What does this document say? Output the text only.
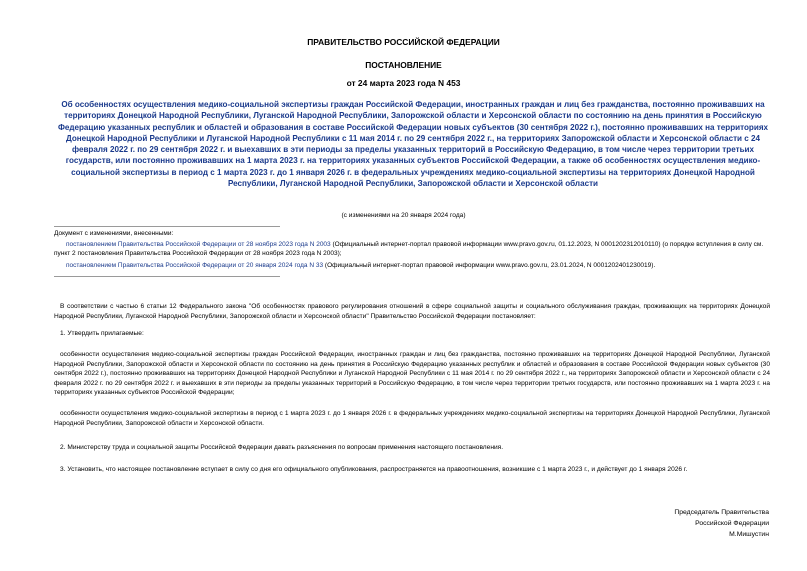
ПРАВИТЕЛЬСТВО РОССИЙСКОЙ ФЕДЕРАЦИИ

ПОСТАНОВЛЕНИЕ

от 24 марта 2023 года N 453

Об особенностях осуществления медико-социальной экспертизы граждан Российской Федерации, иностранных граждан и лиц без гражданства, постоянно проживавших на территориях Донецкой Народной Республики, Луганской Народной Республики, Запорожской области и Херсонской области по состоянию на день принятия в Российскую Федерацию указанных республик и областей и образования в составе Российской Федерации новых субъектов (30 сентября 2022 г.), постоянно проживавших на территориях Донецкой Народной Республики и Луганской Народной Республики с 11 мая 2014 г. по 29 сентября 2022 г., на территориях Запорожской области и Херсонской области с 24 февраля 2022 г. по 29 сентября 2022 г. и выехавших в эти периоды за пределы указанных территорий в Российскую Федерацию, в том числе через территории третьих государств, или постоянно проживавших на 1 марта 2023 г. на территориях указанных субъектов Российской Федерации, а также об особенностях осуществления медико-социальной экспертизы в период с 1 марта 2023 г. до 1 января 2026 г. в федеральных учреждениях медико-социальной экспертизы на территориях Донецкой Народной Республики, Луганской Народной Республики, Запорожской области и Херсонской области

(с изменениями на 20 января 2024 года)

Документ с изменениями, внесенными:

постановлением Правительства Российской Федерации от 28 ноября 2023 года N 2003 (Официальный интернет-портал правовой информации www.pravo.gov.ru, 01.12.2023, N 0001202312010110) (о порядке вступления в силу см. пункт 2 постановления Правительства Российской Федерации от 28 ноября 2023 года N 2003);

постановлением Правительства Российской Федерации от 20 января 2024 года N 33 (Официальный интернет-портал правовой информации www.pravo.gov.ru, 23.01.2024, N 0001202401230019).

В соответствии с частью 6 статьи 12 Федерального закона "Об особенностях правового регулирования отношений в сфере социальной защиты и социального обслуживания граждан, проживающих на территориях Донецкой Народной Республики, Луганской Народной Республики, Запорожской области и Херсонской области" Правительство Российской Федерации постановляет:

1. Утвердить прилагаемые:

особенности осуществления медико-социальной экспертизы граждан Российской Федерации, иностранных граждан и лиц без гражданства, постоянно проживавших на территориях Донецкой Народной Республики, Луганской Народной Республики, Запорожской области и Херсонской области по состоянию на день принятия в Российскую Федерацию указанных республик и областей и образования в составе Российской Федерации новых субъектов (30 сентября 2022 г.), постоянно проживавших на территориях Донецкой Народной Республики и Луганской Народной Республики с 11 мая 2014 г. по 29 сентября 2022 г., на территориях Запорожской области и Херсонской области с 24 февраля 2022 г. по 29 сентября 2022 г. и выехавших в эти периоды за пределы указанных территорий в Российскую Федерацию, в том числе через территории третьих государств, или постоянно проживавших на 1 марта 2023 г. на территориях указанных субъектов Российской Федерации;

особенности осуществления медико-социальной экспертизы в период с 1 марта 2023 г. до 1 января 2026 г. в федеральных учреждениях медико-социальной экспертизы на территориях Донецкой Народной Республики, Луганской Народной Республики, Запорожской области и Херсонской области.

2. Министерству труда и социальной защиты Российской Федерации давать разъяснения по вопросам применения настоящего постановления.

3. Установить, что настоящее постановление вступает в силу со дня его официального опубликования, распространяется на правоотношения, возникшие с 1 марта 2023 г., и действует до 1 января 2026 г.

Председатель Правительства

Российской Федерации

М.Мишустин
